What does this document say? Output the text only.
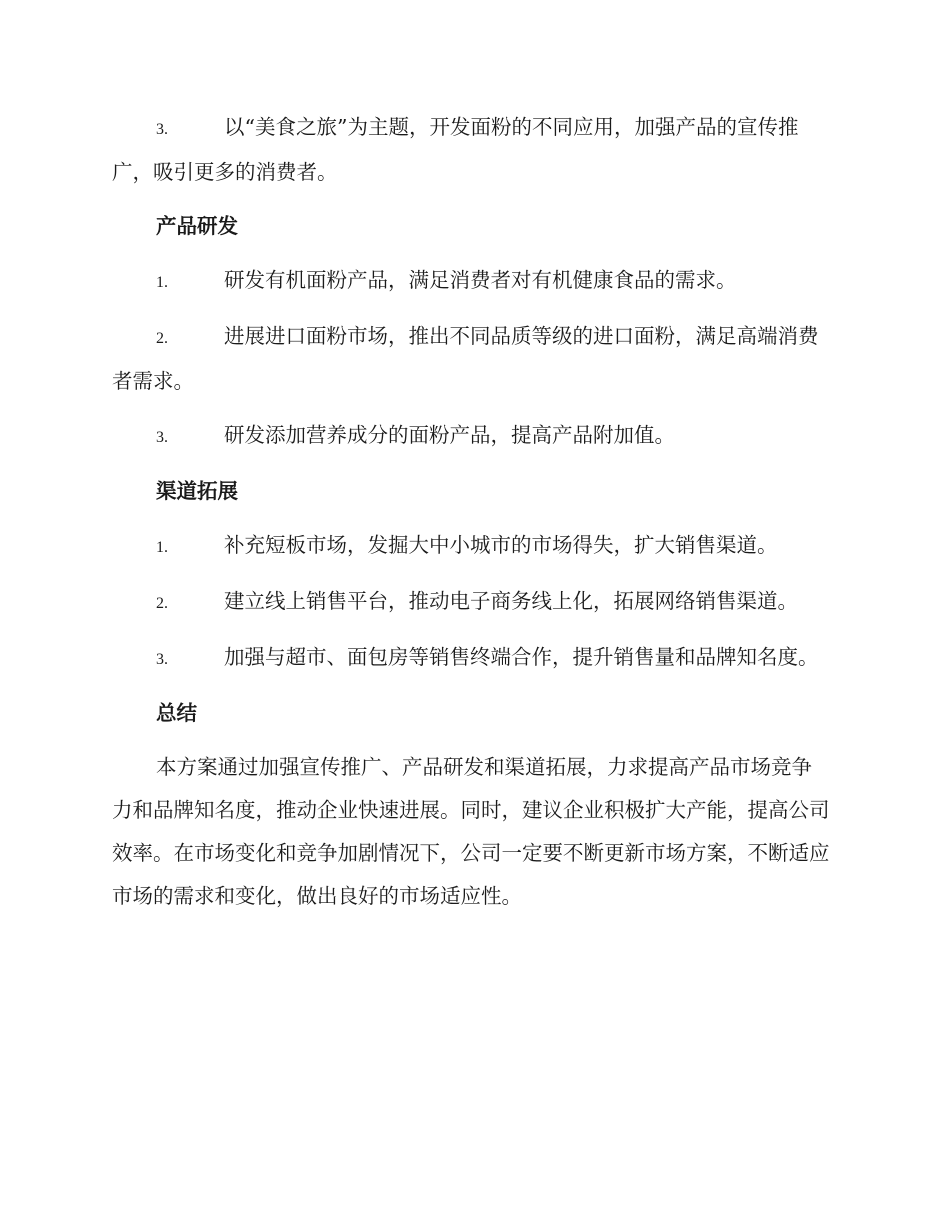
3.	以“美食之旅”为主题，开发面粉的不同应用，加强产品的宣传推广，吸引更多的消费者。
产品研发
1.	研发有机面粉产品，满足消费者对有机健康食品的需求。
2.	进展进口面粉市场，推出不同品质等级的进口面粉，满足高端消费者需求。
3.	研发添加营养成分的面粉产品，提高产品附加值。
渠道拓展
1.	补充短板市场，发掘大中小城市的市场得失，扩大销售渠道。
2.	建立线上销售平台，推动电子商务线上化，拓展网络销售渠道。
3.	加强与超市、面包房等销售终端合作，提升销售量和品牌知名度。
总结

本方案通过加强宣传推广、产品研发和渠道拓展，力求提高产品市场竞争力和品牌知名度，推动企业快速进展。同时，建议企业积极扩大产能，提高公司效率。在市场变化和竞争加剧情况下，公司一定要不断更新市场方案，不断适应市场的需求和变化，做出良好的市场适应性。
